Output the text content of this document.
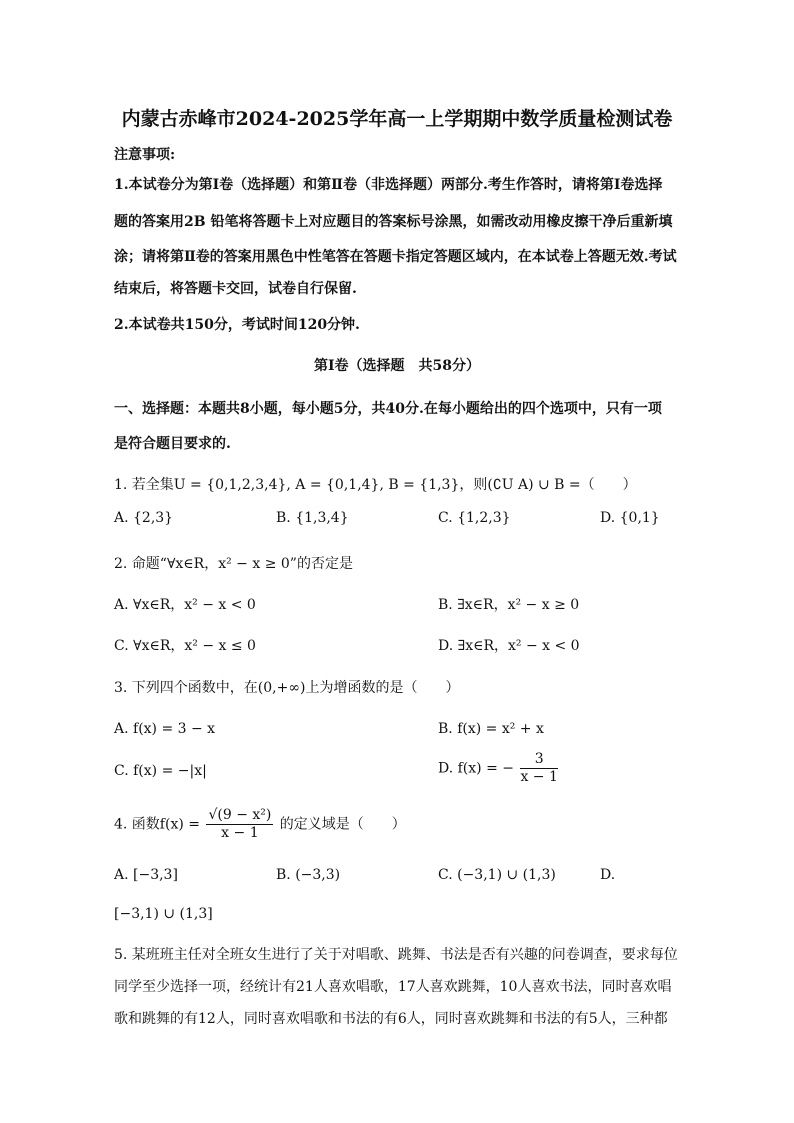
内蒙古赤峰市2024-2025学年高一上学期期中数学质量检测试卷
注意事项:
1.本试卷分为第Ⅰ卷（选择题）和第Ⅱ卷（非选择题）两部分.考生作答时，请将第Ⅰ卷选择
题的答案用2B 铅笔将答题卡上对应题目的答案标号涂黑，如需改动用橡皮擦干净后重新填
涂；请将第Ⅱ卷的答案用黑色中性笔答在答题卡指定答题区域内，在本试卷上答题无效.考试
结束后，将答题卡交回，试卷自行保留.
2.本试卷共150分，考试时间120分钟.
第Ⅰ卷（选择题　共58分）
一、选择题：本题共8小题，每小题5分，共40分.在每小题给出的四个选项中，只有一项
是符合题目要求的.
1. 若全集U = {0,1,2,3,4}, A = {0,1,4}, B = {1,3}，则(∁U A) ∪ B =（　　）
A. {2,3}	B. {1,3,4}	C. {1,2,3}	D. {0,1}
2. 命题“∀x∈R，x² − x ≥ 0”的否定是
A. ∀x∈R，x² − x < 0	B. ∃x∈R，x² − x ≥ 0
C. ∀x∈R，x² − x ≤ 0	D. ∃x∈R，x² − x < 0
3. 下列四个函数中，在(0,+∞)上为增函数的是（　　）
A. f(x) = 3 − x	B. f(x) = x² + x
C. f(x) = −|x|	D. f(x) = − $\frac{3}{x - 1}$
4. 函数$f(x) = \frac{\text{√(9 − x²)}}{x - 1}$ 的定义域是（　　）
A. [−3,3]	B. (−3,3)	C. (−3,1) ∪ (1,3)	D.
[−3,1) ∪ (1,3]
5. 某班班主任对全班女生进行了关于对唱歌、跳舞、书法是否有兴趣的问卷调查，要求每位
同学至少选择一项，经统计有21人喜欢唱歌，17人喜欢跳舞，10人喜欢书法，同时喜欢唱
歌和跳舞的有12人，同时喜欢唱歌和书法的有6人，同时喜欢跳舞和书法的有5人，三种都
